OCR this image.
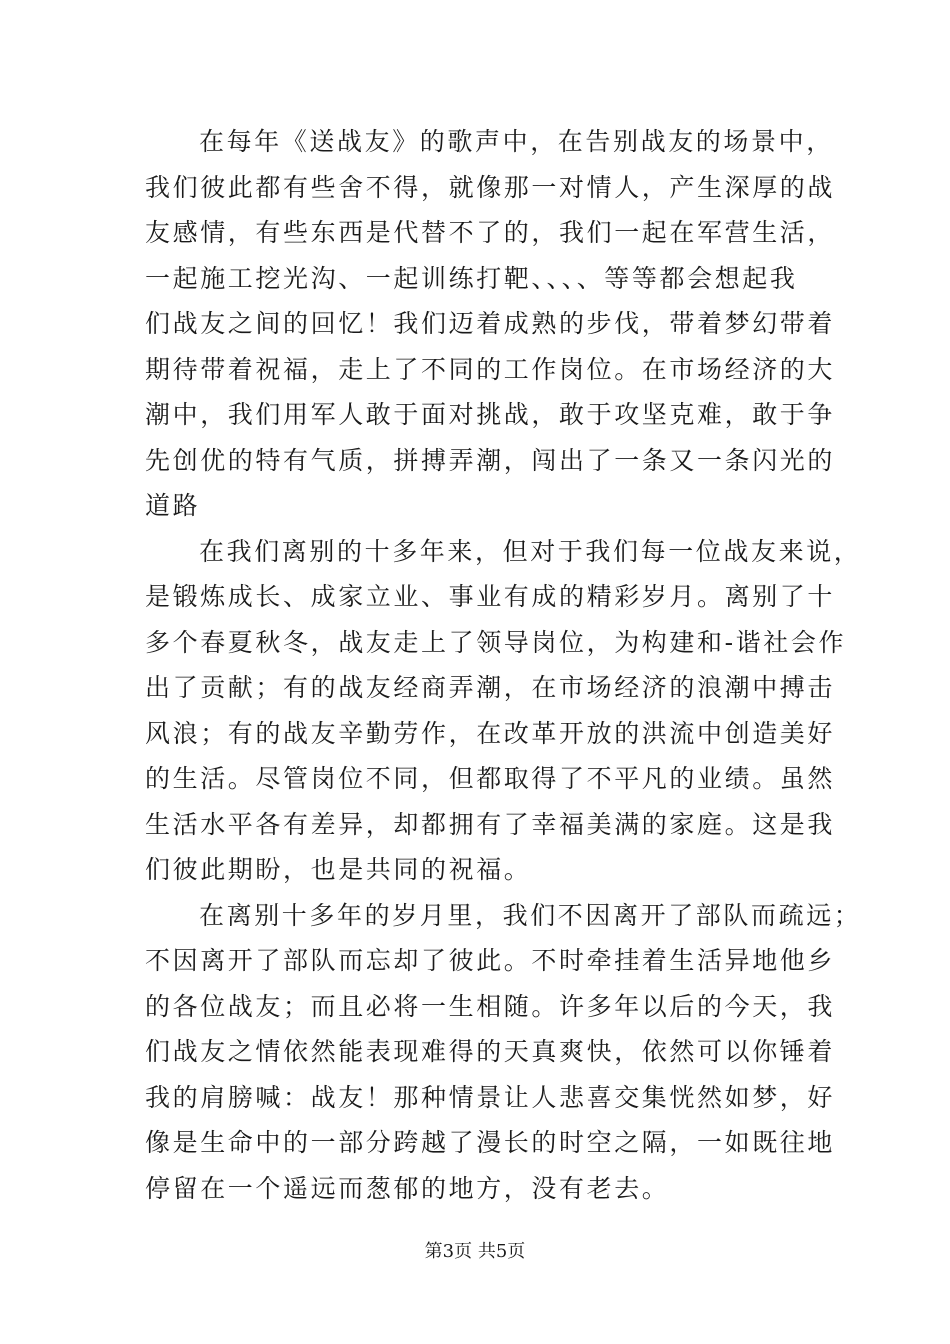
在每年《送战友》的歌声中，在告别战友的场景中，
我们彼此都有些舍不得，就像那一对情人，产生深厚的战
友感情，有些东西是代替不了的，我们一起在军营生活，
一起施工挖光沟、一起训练打靶、、、、等等都会想起我
们战友之间的回忆！我们迈着成熟的步伐，带着梦幻带着
期待带着祝福，走上了不同的工作岗位。在市场经济的大
潮中，我们用军人敢于面对挑战，敢于攻坚克难，敢于争
先创优的特有气质，拼搏弄潮，闯出了一条又一条闪光的
道路
在我们离别的十多年来，但对于我们每一位战友来说，
是锻炼成长、成家立业、事业有成的精彩岁月。离别了十
多个春夏秋冬，战友走上了领导岗位，为构建和-谐社会作
出了贡献；有的战友经商弄潮，在市场经济的浪潮中搏击
风浪；有的战友辛勤劳作，在改革开放的洪流中创造美好
的生活。尽管岗位不同，但都取得了不平凡的业绩。虽然
生活水平各有差异，却都拥有了幸福美满的家庭。这是我
们彼此期盼，也是共同的祝福。
在离别十多年的岁月里，我们不因离开了部队而疏远；
不因离开了部队而忘却了彼此。不时牵挂着生活异地他乡
的各位战友；而且必将一生相随。许多年以后的今天，我
们战友之情依然能表现难得的天真爽快，依然可以你锤着
我的肩膀喊：战友！那种情景让人悲喜交集恍然如梦，好
像是生命中的一部分跨越了漫长的时空之隔，一如既往地
停留在一个遥远而葱郁的地方，没有老去。
第3页 共5页
